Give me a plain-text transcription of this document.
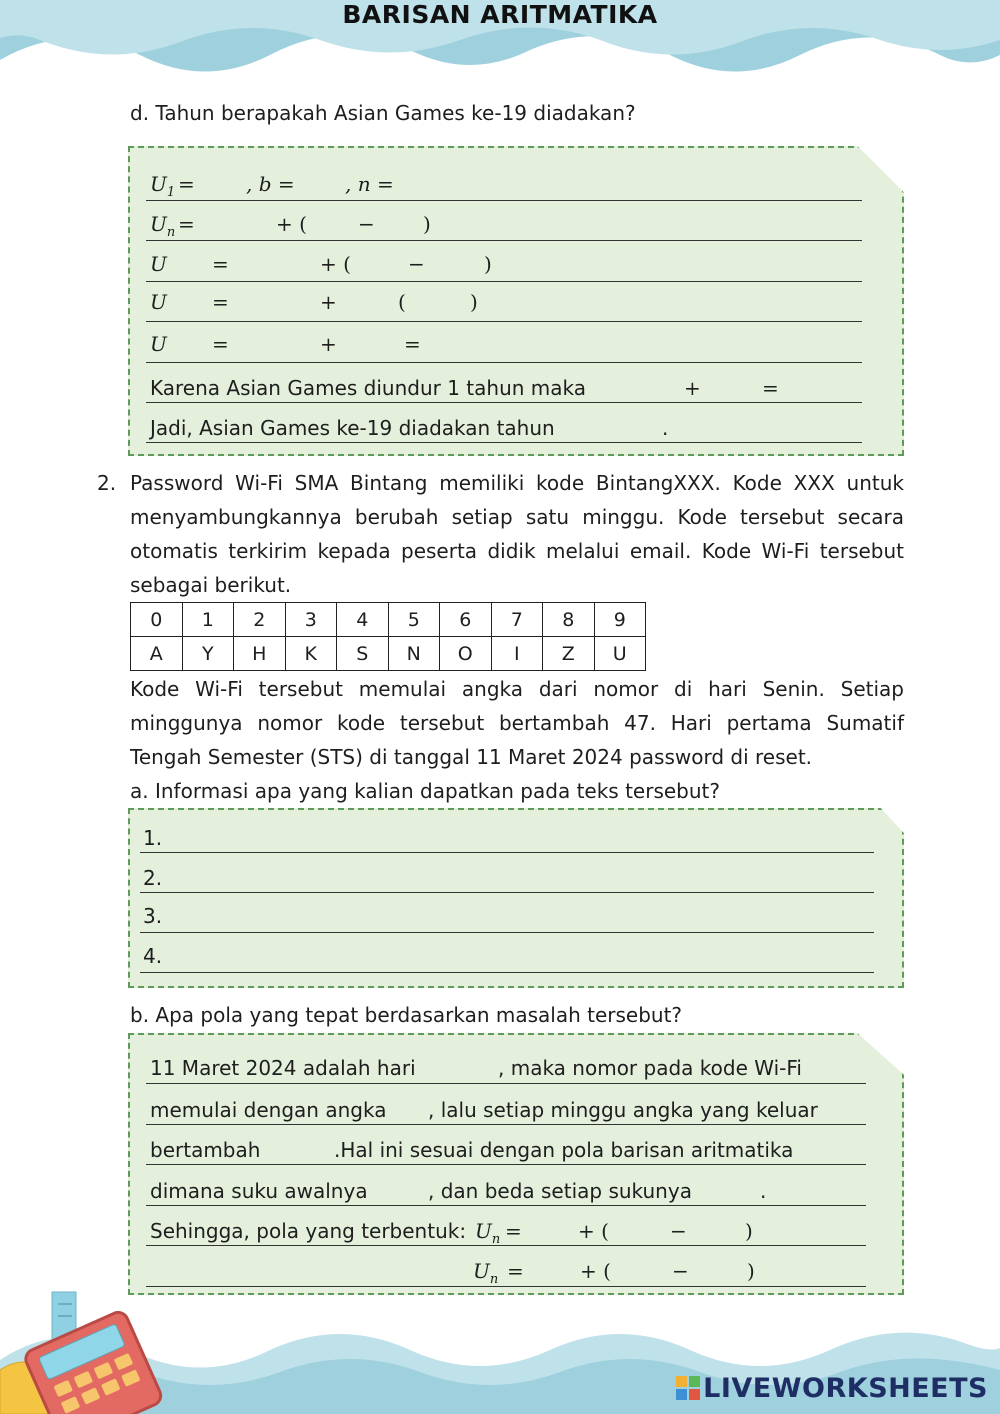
BARISAN ARITMATIKA
d. Tahun berapakah Asian Games ke-19 diadakan?
$U_1$ =	, b =	, n =
$U_n$ =	+ (	− )
U =	+ (	−	)
U =	+	(	)
U =	+	=
Karena Asian Games diundur 1 tahun maka	+	=
Jadi, Asian Games ke-19 diadakan tahun	.
2. Password Wi-Fi SMA Bintang memiliki kode BintangXXX. Kode XXX untuk menyambungkannya berubah setiap satu minggu. Kode tersebut secara otomatis terkirim kepada peserta didik melalui email. Kode Wi-Fi tersebut sebagai berikut.
0	1	2	3	4	5	6	7	8	9
A	Y	H	K	S	N	O	I	Z	U
Kode Wi-Fi tersebut memulai angka dari nomor di hari Senin. Setiap minggunya nomor kode tersebut bertambah 47. Hari pertama Sumatif Tengah Semester (STS) di tanggal 11 Maret 2024 password di reset.
a. Informasi apa yang kalian dapatkan pada teks tersebut?
1.
2.
3.
4.
b. Apa pola yang tepat berdasarkan masalah tersebut?
11 Maret 2024 adalah hari	, maka nomor pada kode Wi-Fi
memulai dengan angka , lalu setiap minggu angka yang keluar
bertambah	.Hal ini sesuai dengan pola barisan aritmatika
dimana suku awalnya	, dan beda setiap sukunya	.
Sehingga, pola yang terbentuk: $U_n$ =	+ (	−	)
$U_n$ =	+ (	−	)
LIVEWORKSHEETS
